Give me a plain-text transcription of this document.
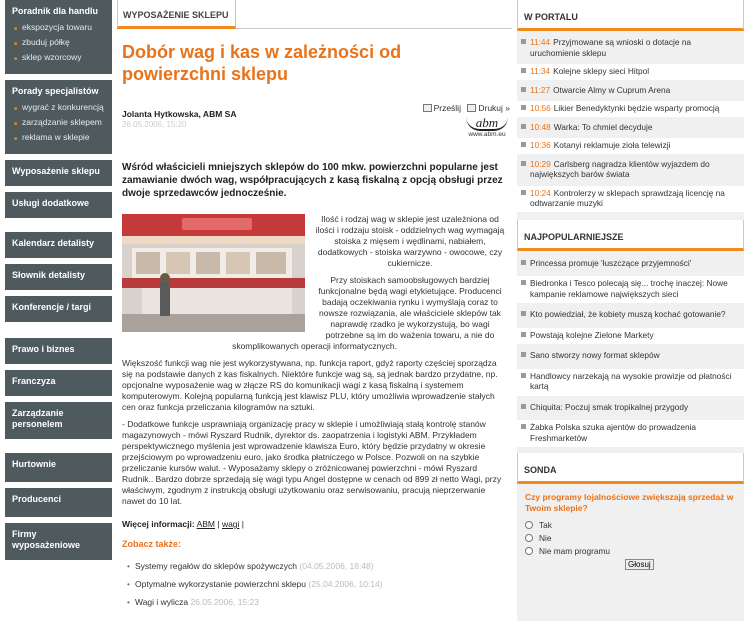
Poradnik dla handlu
■ ekspozycja towaru
■ zbuduj półkę
■ sklep wzorcowy
Porady specjalistów
■ wygrać z konkurencją
■ zarządzanie sklepem
■ reklama w sklepie
Wyposażenie sklepu
Usługi dodatkowe
Kalendarz detalisty
Słownik detalisty
Konferencje / targi
Prawo i biznes
Franczyza
Zarządzanie personelem
Hurtownie
Producenci
Firmy wyposażeniowe
WYPOSAŻENIE SKLEPU
Dobór wag i kas w zależności od powierzchni sklepu
Jolanta Hytkowska, ABM SA
26.05.2006, 15:20
Prześlij Drukuj »
abm
www.abm.eu

Wśród właścicieli mniejszych sklepów do 100 mkw. powierzchni popularne jest zamawianie dwóch wag, współpracujących z kasą fiskalną z opcją obsługi przez dwoje sprzedawców jednocześnie.

Ilość i rodzaj wag w sklepie jest uzależniona od ilości i rodzaju stoisk - oddzielnych wag wymagają stoiska z mięsem i wędlinami, nabiałem, dodatkowych - stoiska warzywno - owocowe, czy cukiernicze.

Przy stoiskach samoobsługowych bardziej funkcjonalne będą wagi etykietujące. Producenci badają oczekiwania rynku i wymyślają coraz to nowsze rozwiązania, ale właściciele sklepów tak naprawdę rzadko je wykorzystują, bo wagi potrzebne są im do ważenia towaru, a nie do skomplikowanych operacji informatycznych.

Większość funkcji wag nie jest wykorzystywana, np. funkcja raport, gdyż raporty częściej sporządza się na podstawie danych z kas fiskalnych. Niektóre funkcje wag są, są jednak bardzo przydatne, np. opcjonalne wyposażenie wag w złącze RS do komunikacji wagi z kasą fiskalną i systemem komputerowym. Kolejną popularną funkcją jest klawisz PLU, który umożliwia wprowadzenie stałych cen oraz funkcja przeliczania kilogramów na sztuki.

- Dodatkowe funkcje usprawniają organizację pracy w sklepie i umożliwiają stałą kontrolę stanów magazynowych - mówi Ryszard Rudnik, dyrektor ds. zaopatrzenia i logistyki ABM. Przykładem perspektywicznego myślenia jest wprowadzenie klawisza Euro, który będzie przydatny w okresie przejściowym po wprowadzeniu euro, jako środka płatniczego w Polsce. Pozwoli on na szybkie przeliczanie kursów walut. - Wyposażamy sklepy o zróżnicowanej powierzchni - mówi Ryszard Rudnik.. Bardzo dobrze sprzedają się wagi typu Angel dostępne w cenach od 899 zł netto Wagi, przy właściwym, zgodnym z instrukcją obsługi użytkowaniu oraz serwisowaniu, pracują nieprzerwanie nawet do 10 lat.

Więcej informacji: ABM | wagi |
Zobacz także:
• Systemy regałów do sklepów spożywczych (04.05.2006, 18:48)
• Optymalne wykorzystanie powierzchni sklepu (25.04.2006, 10:14)
• Wagi i wylicza 26.05.2006, 15:23
W PORTALU
11:44 Przyjmowane są wnioski o dotacje na uruchomienie sklepu
11:34 Kolejne sklepy sieci Hitpol
11:27 Otwarcie Almy w Cuprum Arena
10:56 Likier Benedyktynki będzie wsparty promocją
10:48 Warka: To chmiel decyduje
10:36 Kotanyi reklamuje zioła telewizji
10:29 Carlsberg nagradza klientów wyjazdem do największych barów świata
10:24 Kontrolerzy w sklepach sprawdzają licencję na odtwarzanie muzyki
NAJPOPULARNIEJSZE
Princessa promuje 'łuszczące przyjemności'
Biedronka i Tesco polecają się... trochę inaczej: Nowe kampanie reklamowe największych sieci
Kto powiedział, że kobiety muszą kochać gotowanie?
Powstają kolejne Zielone Markety
Sano stworzy nowy format sklepów
Handlowcy narzekają na wysokie prowizje od płatności kartą
Chiquita: Poczuj smak tropikalnej przygody
Żabka Polska szuka ajentów do prowadzenia Freshmarketów
SONDA
Czy programy lojalnościowe zwiększają sprzedaż w Twoim sklepie?
Tak
Nie
Nie mam programu
Głosuj
